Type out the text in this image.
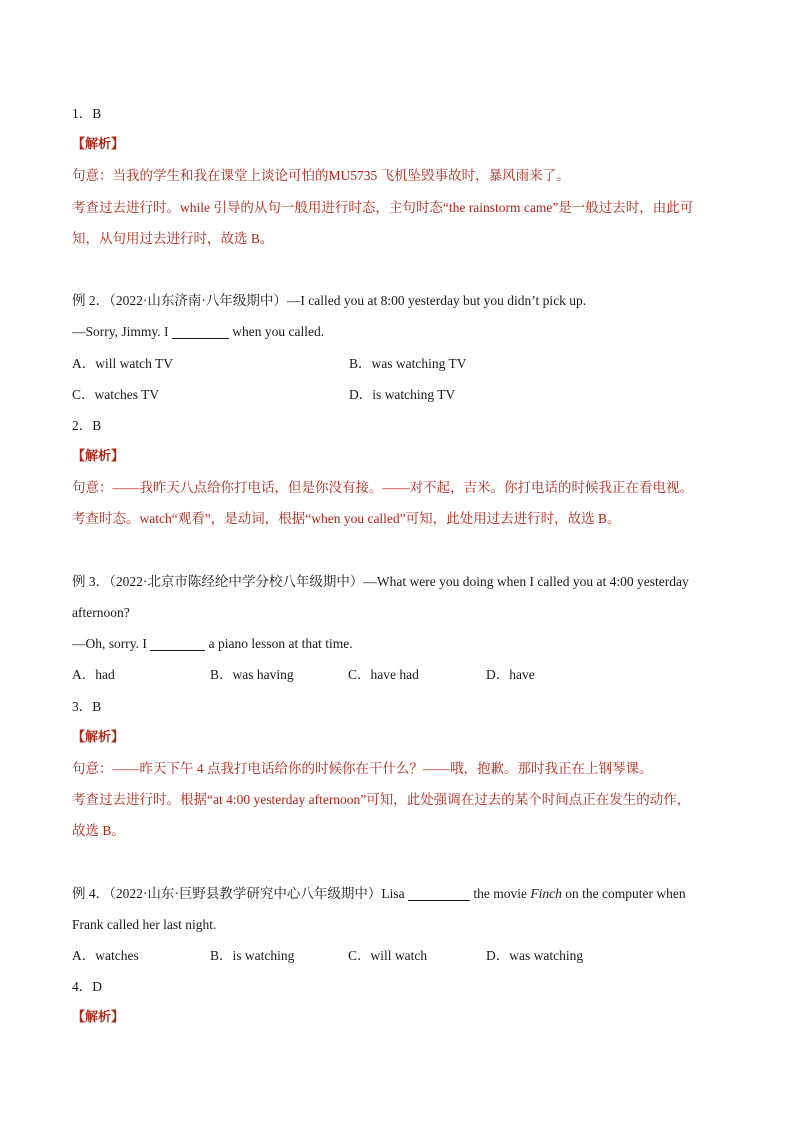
1．B
【解析】
句意：当我的学生和我在课堂上谈论可怕的MU5735 飞机坠毁事故时，暴风雨来了。
考查过去进行时。while 引导的从句一般用进行时态，主句时态“the rainstorm came”是一般过去时，由此可
知，从句用过去进行时，故选 B。
例 2．（2022·山东济南·八年级期中）—I called you at 8:00 yesterday but you didn’t pick up.
—Sorry, Jimmy. I	when you called.
A．will watch TV	B．was watching TV
C．watches TV	D．is watching TV
2．B
【解析】
句意：——我昨天八点给你打电话，但是你没有接。——对不起，吉米。你打电话的时候我正在看电视。
考查时态。watch“观看”，是动词，根据“when you called”可知，此处用过去进行时，故选 B。
例 3．（2022·北京市陈经纶中学分校八年级期中）—What were you doing when I called you at 4:00 yesterday
afternoon?
—Oh, sorry. I	a piano lesson at that time.
A．had	B．was having	C．have had	D．have
3．B
【解析】
句意：——昨天下午 4 点我打电话给你的时候你在干什么？——哦，抱歉。那时我正在上钢琴课。
考查过去进行时。根据“at 4:00 yesterday afternoon”可知，此处强调在过去的某个时间点正在发生的动作，
故选 B。
例 4．（2022·山东·巨野县教学研究中心八年级期中）Lisa	the movie Finch on the computer when
Frank called her last night.
A．watches	B．is watching	C．will watch	D．was watching
4．D
【解析】
